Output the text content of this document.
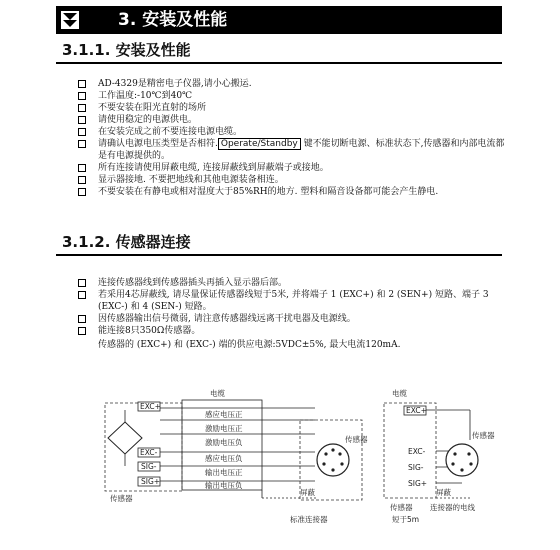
3. 安装及性能
3.1.1. 安装及性能
AD-4329是精密电子仪器,请小心搬运.
工作温度:-10℃到40℃
不要安装在阳光直射的场所
请使用稳定的电源供电。
在安装完成之前不要连接电源电缆。
请确认电源电压类型是否相符. Operate/Standby 键不能切断电源、标准状态下,传感器和内部电流都是有电源提供的。
所有连接请使用屏蔽电缆, 连接屏蔽线到屏蔽端子或接地。
显示器接地. 不要把地线和其他电源装备相连。
不要安装在有静电或相对湿度大于85%RH的地方. 塑料和隔音设备都可能会产生静电.
3.1.2. 传感器连接
连接传感器线到传感器插头再插入显示器后部。
若采用4芯屏蔽线, 请尽量保证传感器线短于5米, 并将端子 1 (EXC+) 和 2 (SEN+) 短路、端子 3 (EXC-) 和 4 (SEN-) 短路。
因传感器输出信号微弱, 请注意传感器线远离干扰电器及电源线。
能连接8只350Ω传感器。
传感器的 (EXC+) 和 (EXC-) 端的供应电源:5VDC±5%, 最大电流120mA.
EXC+
EXC-
SIG-
SIG+
电缆
感应电压正
激励电压正
激励电压负
感应电压负
输出电压正
输出电压负
屏蔽
传感器
传感器
标准连接器
电缆
EXC+
EXC-
SIG-
SIG+
传感器
屏蔽
传感器 连接器的电线
短于5m
